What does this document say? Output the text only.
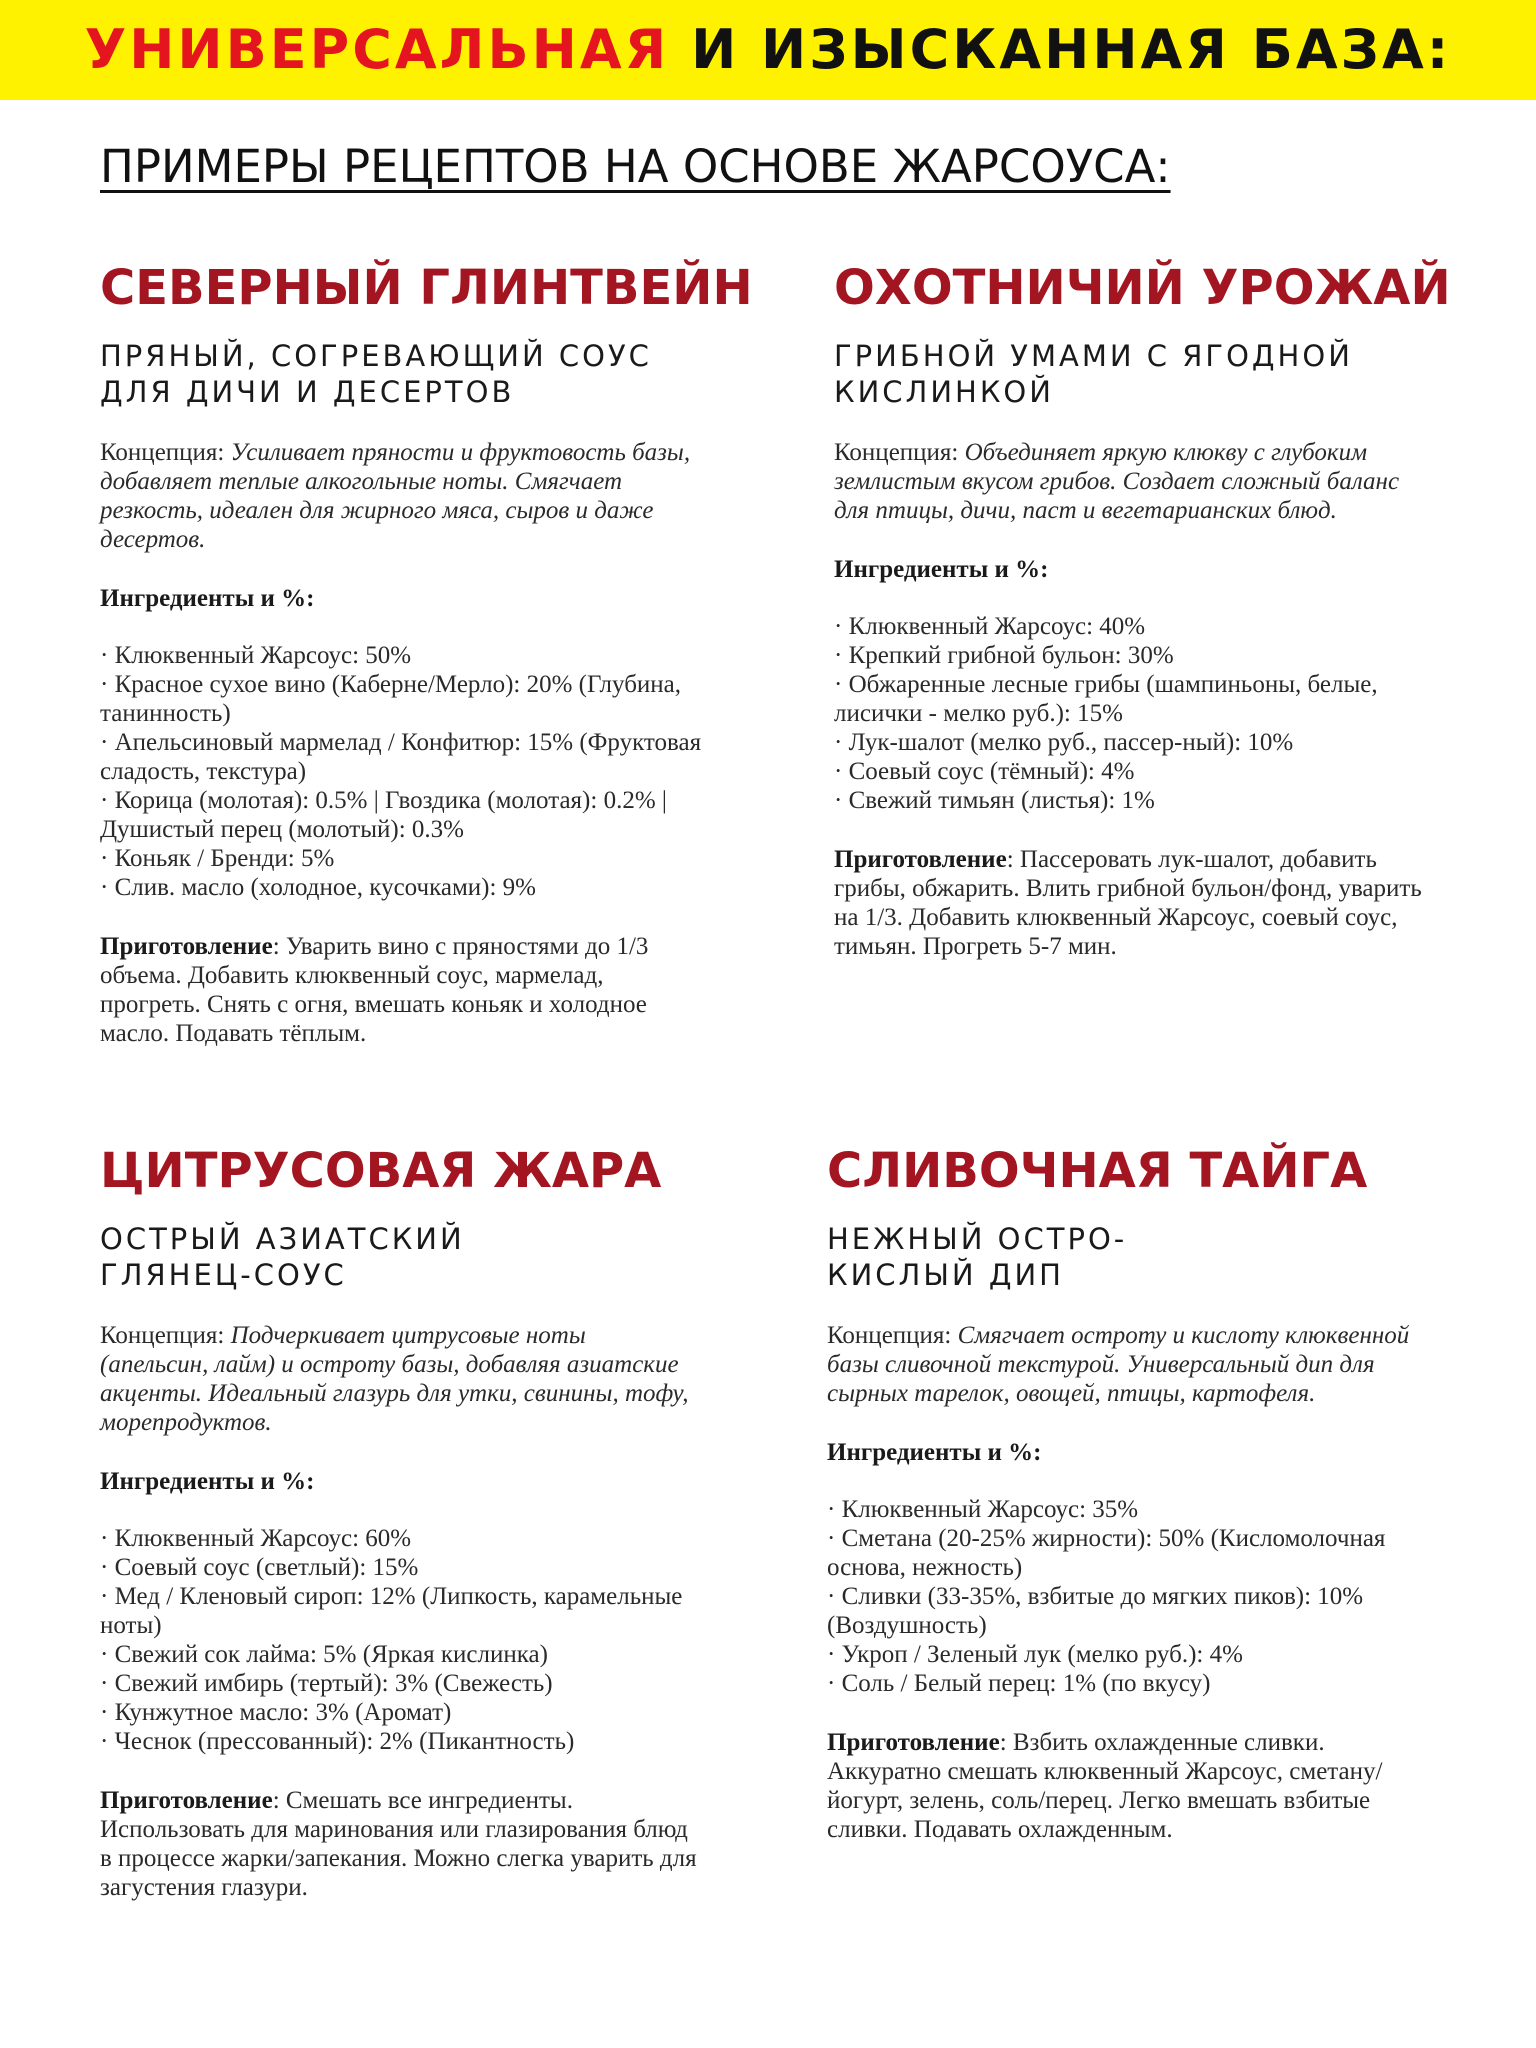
УНИВЕРСАЛЬНАЯ И ИЗЫСКАННАЯ БАЗА:
ПРИМЕРЫ РЕЦЕПТОВ НА ОСНОВЕ ЖАРСОУСА:
СЕВЕРНЫЙ ГЛИНТВЕЙН
ПРЯНЫЙ, СОГРЕВАЮЩИЙ СОУС ДЛЯ ДИЧИ И ДЕСЕРТОВ

Концепция: Усиливает пряности и фруктовость базы, добавляет теплые алкогольные ноты. Смягчает резкость, идеален для жирного мяса, сыров и даже десертов.

Ингредиенты и %:
· Клюквенный Жарсоус: 50%
· Красное сухое вино (Каберне/Мерло): 20% (Глубина, танинность)
· Апельсиновый мармелад / Конфитюр: 15% (Фруктовая сладость, текстура)
· Корица (молотая): 0.5% | Гвоздика (молотая): 0.2% | Душистый перец (молотый): 0.3%
· Коньяк / Бренди: 5%
· Слив. масло (холодное, кусочками): 9%

Приготовление: Уварить вино с пряностями до 1/3 объема. Добавить клюквенный соус, мармелад, прогреть. Снять с огня, вмешать коньяк и холодное масло. Подавать тёплым.

ОХОТНИЧИЙ УРОЖАЙ
ГРИБНОЙ УМАМИ С ЯГОДНОЙ КИСЛИНКОЙ

Концепция: Объединяет яркую клюкву с глубоким землистым вкусом грибов. Создает сложный баланс для птицы, дичи, паст и вегетарианских блюд.

Ингредиенты и %:
· Клюквенный Жарсоус: 40%
· Крепкий грибной бульон: 30%
· Обжаренные лесные грибы (шампиньоны, белые, лисички - мелко руб.): 15%
· Лук-шалот (мелко руб., пассер-ный): 10%
· Соевый соус (тёмный): 4%
· Свежий тимьян (листья): 1%

Приготовление: Пассеровать лук-шалот, добавить грибы, обжарить. Влить грибной бульон/фонд, уварить на 1/3. Добавить клюквенный Жарсоус, соевый соус, тимьян. Прогреть 5-7 мин.

ЦИТРУСОВАЯ ЖАРА
ОСТРЫЙ АЗИАТСКИЙ ГЛЯНЕЦ-СОУС

Концепция: Подчеркивает цитрусовые ноты (апельсин, лайм) и остроту базы, добавляя азиатские акценты. Идеальный глазурь для утки, свинины, тофу, морепродуктов.

Ингредиенты и %:
· Клюквенный Жарсоус: 60%
· Соевый соус (светлый): 15%
· Мед / Кленовый сироп: 12% (Липкость, карамельные ноты)
· Свежий сок лайма: 5% (Яркая кислинка)
· Свежий имбирь (тертый): 3% (Свежесть)
· Кунжутное масло: 3% (Аромат)
· Чеснок (прессованный): 2% (Пикантность)

Приготовление: Смешать все ингредиенты. Использовать для маринования или глазирования блюд в процессе жарки/запекания. Можно слегка уварить для загустения глазури.

СЛИВОЧНАЯ ТАЙГА
НЕЖНЫЙ ОСТРО-КИСЛЫЙ ДИП

Концепция: Смягчает остроту и кислоту клюквенной базы сливочной текстурой. Универсальный дип для сырных тарелок, овощей, птицы, картофеля.

Ингредиенты и %:
· Клюквенный Жарсоус: 35%
· Сметана (20-25% жирности): 50% (Кисломолочная основа, нежность)
· Сливки (33-35%, взбитые до мягких пиков): 10% (Воздушность)
· Укроп / Зеленый лук (мелко руб.): 4%
· Соль / Белый перец: 1% (по вкусу)

Приготовление: Взбить охлажденные сливки. Аккуратно смешать клюквенный Жарсоус, сметану/йогурт, зелень, соль/перец. Легко вмешать взбитые сливки. Подавать охлажденным.
